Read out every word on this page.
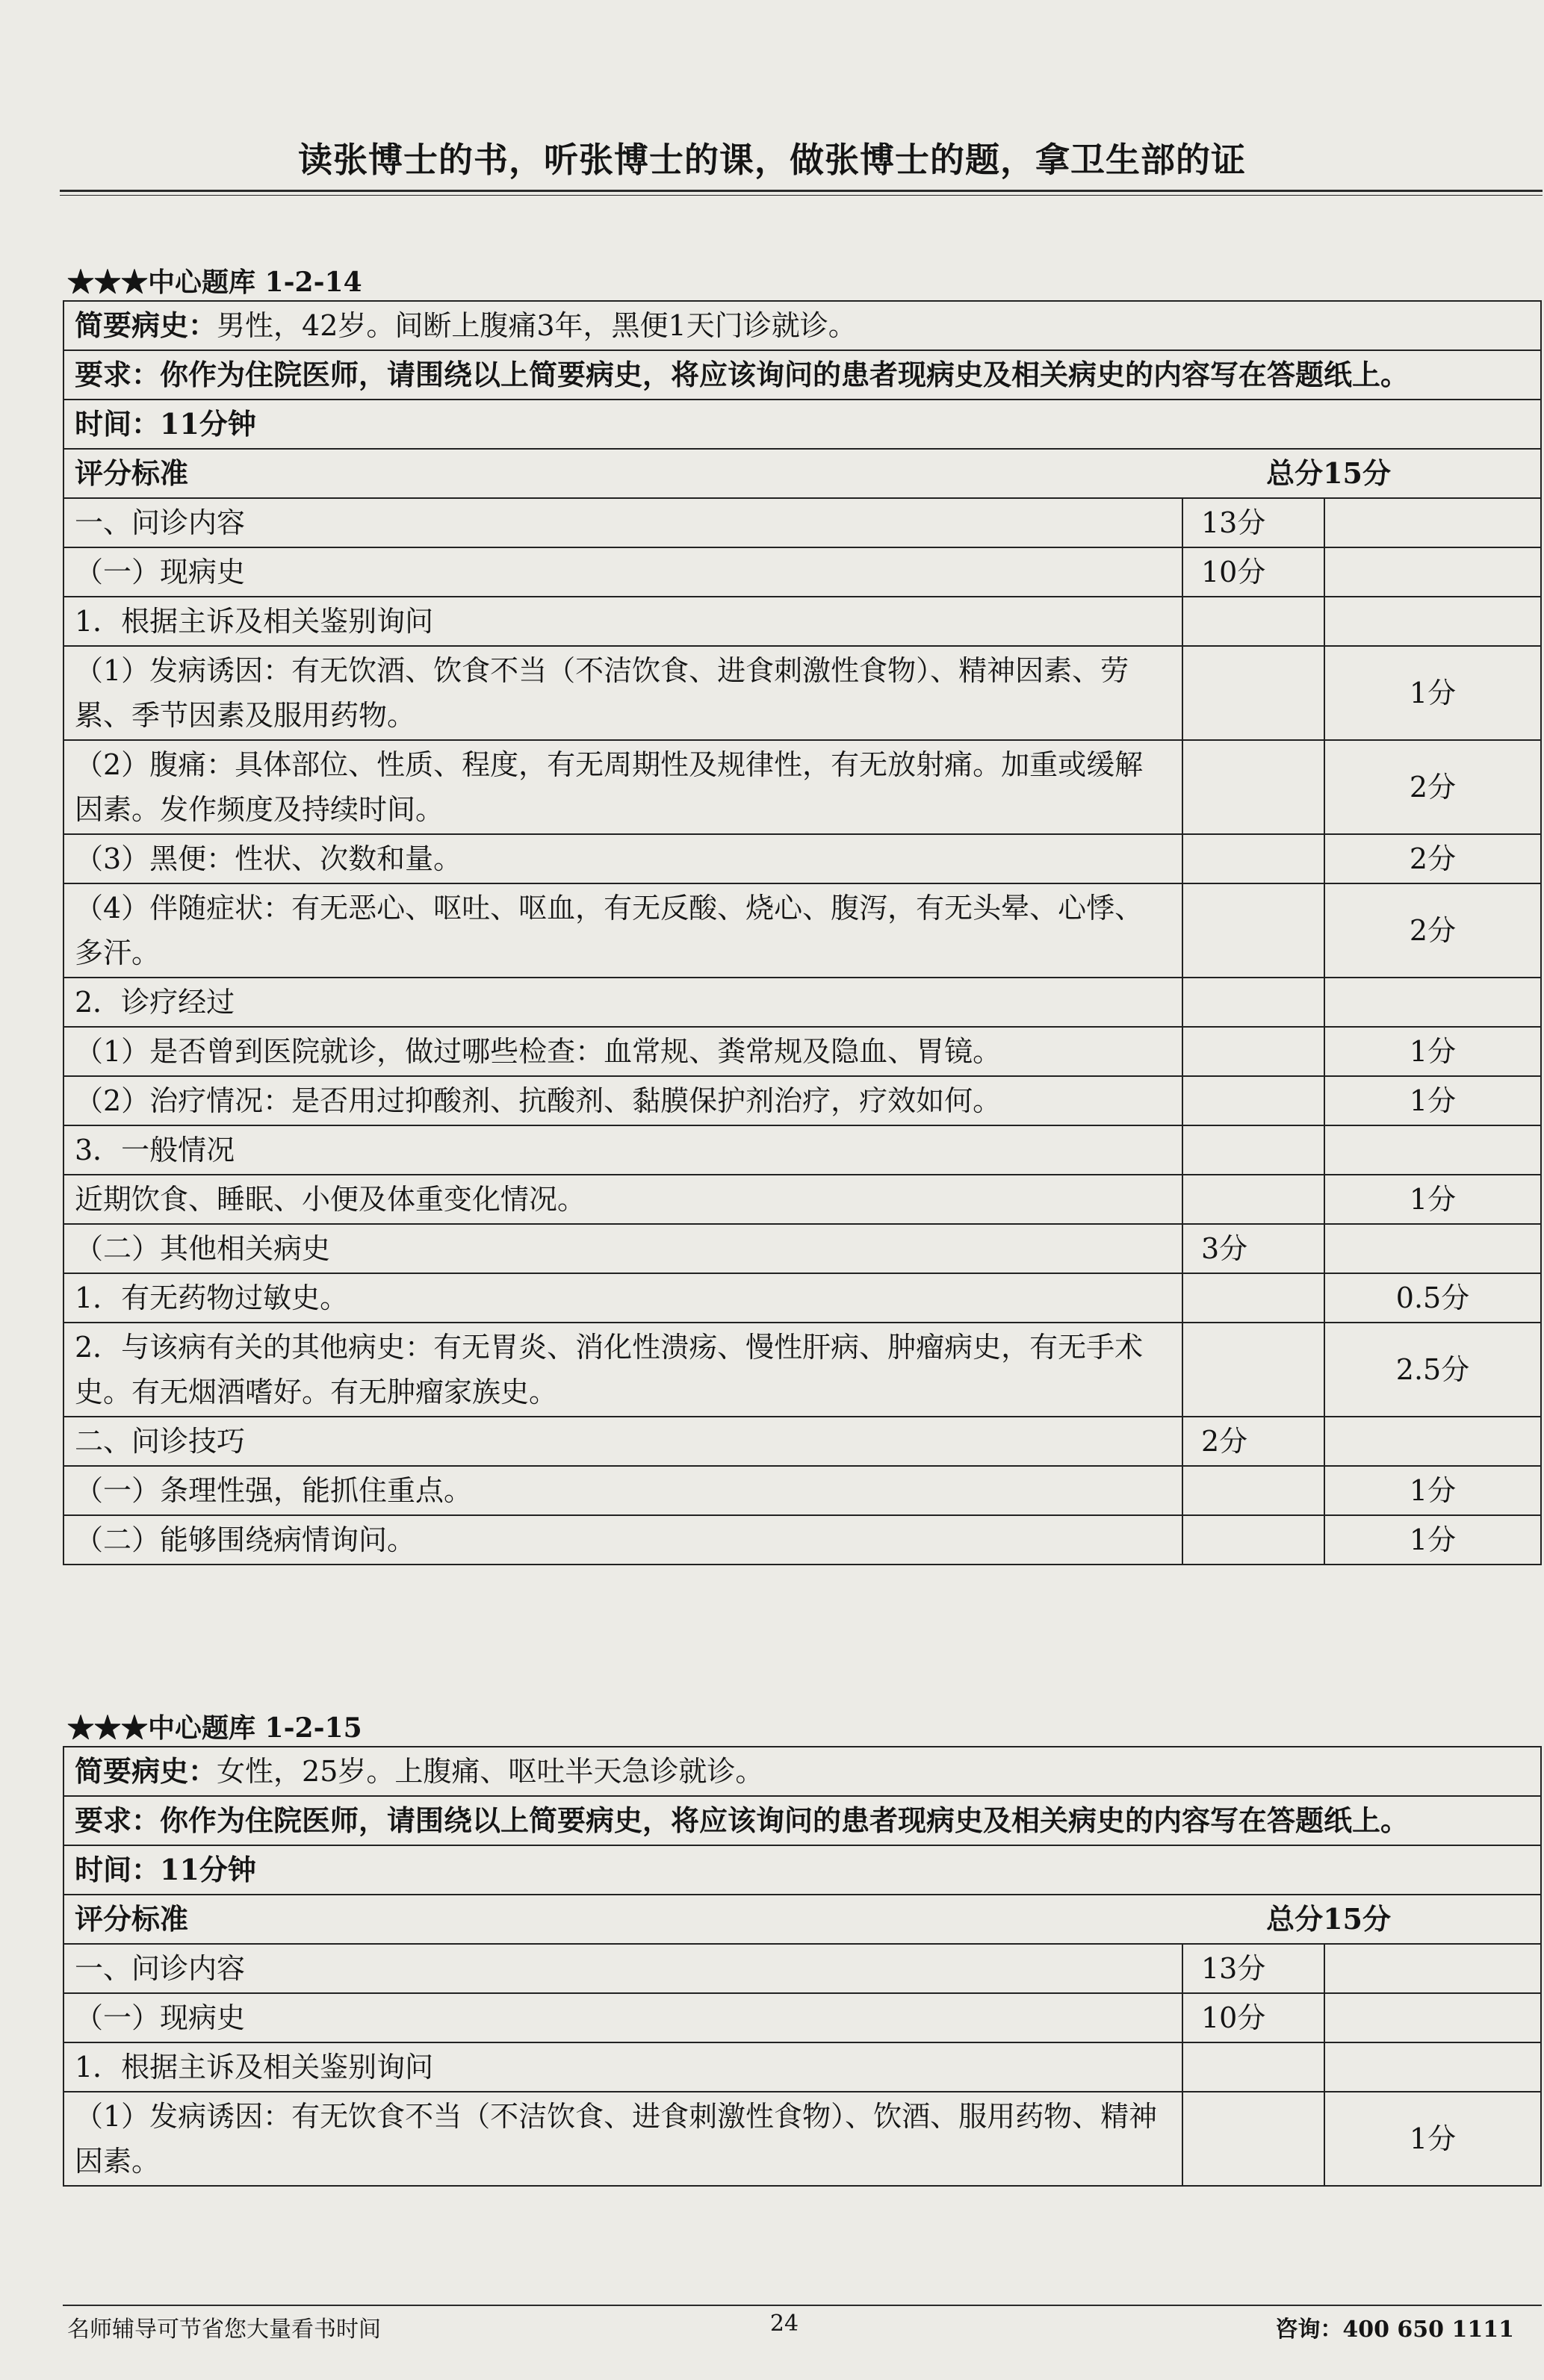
读张博士的书，听张博士的课，做张博士的题，拿卫生部的证
★★★中心题库 1-2-14
简要病史：男性，42岁。间断上腹痛3年，黑便1天门诊就诊。		
要求：你作为住院医师，请围绕以上简要病史，将应该询问的患者现病史及相关病史的内容写在答题纸上。		
时间：11分钟		
评分标准 总分15分		

一、问诊内容	13分	
（一）现病史	10分	
1．根据主诉及相关鉴别询问		
（1）发病诱因：有无饮酒、饮食不当（不洁饮食、进食刺激性食物）、精神因素、劳累、季节因素及服用药物。		1分
（2）腹痛：具体部位、性质、程度，有无周期性及规律性，有无放射痛。加重或缓解因素。发作频度及持续时间。		2分
（3）黑便：性状、次数和量。		2分
（4）伴随症状：有无恶心、呕吐、呕血，有无反酸、烧心、腹泻，有无头晕、心悸、多汗。		2分
2．诊疗经过		
（1）是否曾到医院就诊，做过哪些检查：血常规、粪常规及隐血、胃镜。		1分
（2）治疗情况：是否用过抑酸剂、抗酸剂、黏膜保护剂治疗，疗效如何。		1分
3．一般情况		
近期饮食、睡眠、小便及体重变化情况。		1分
（二）其他相关病史	3分	
1．有无药物过敏史。		0.5分
2．与该病有关的其他病史：有无胃炎、消化性溃疡、慢性肝病、肿瘤病史，有无手术史。有无烟酒嗜好。有无肿瘤家族史。		2.5分
二、问诊技巧	2分	
（一）条理性强，能抓住重点。		1分
（二）能够围绕病情询问。		1分
★★★中心题库 1-2-15
简要病史：女性，25岁。上腹痛、呕吐半天急诊就诊。		
要求：你作为住院医师，请围绕以上简要病史，将应该询问的患者现病史及相关病史的内容写在答题纸上。		
时间：11分钟		
评分标准 总分15分		

一、问诊内容	13分	
（一）现病史	10分	
1．根据主诉及相关鉴别询问		
（1）发病诱因：有无饮食不当（不洁饮食、进食刺激性食物）、饮酒、服用药物、精神因素。		1分
名师辅导可节省您大量看书时间	24	咨询：400 650 1111
